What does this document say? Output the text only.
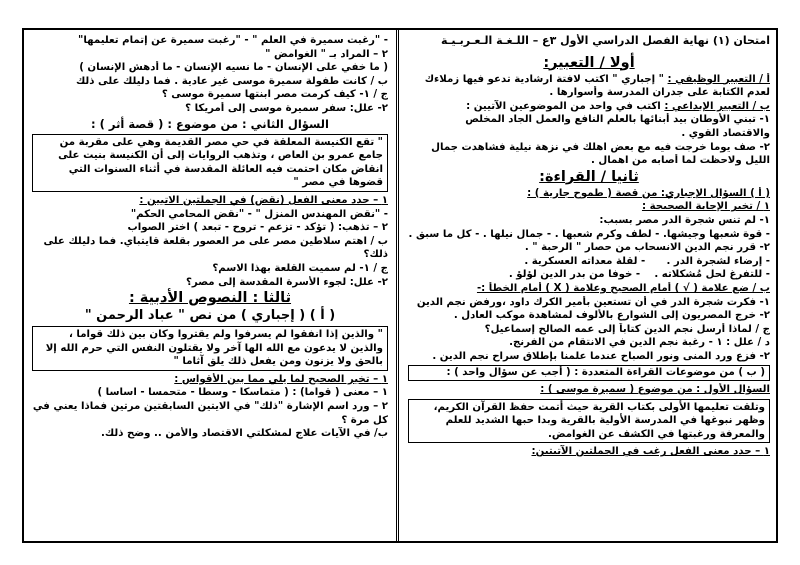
امتحان (١) نهاية الفصل الدراسي الأول ٣ع – اللـغـة الـعـربـيـة
أولا / التعبير:
أ / التعبير الوظيفي : " إجباري " اكتب لافتة ارشادية تدعو فيها زملاءك
لعدم الكتابة على جدران المدرسة وأسوارها .
ب / التعبير الإبداعي : اكتب في واحد من الموضوعين الآتيين :
١- تبني الأوطان بيد أبنائها بالعلم النافع والعمل الجاد المخلص
والاقتصاد القوي .
٢- صف يوما خرجت فيه مع بعض اهلك في نزهة نيلية فشاهدت جمال
الليل ولاحظت لما أصابه من اهمال .
ثانيا / القراءة:
( أ ) السؤال الإجباري: من قصة ( طموح جارية ) :
١ / تخير الإجابة الصحيحة :
١- لم تنس شجرة الدر مصر بسبب:
- قوة شعبها وجيشها. - لطف وكرم شعبها . - جمال نيلها . - كل ما سبق .
٢- قرر نجم الدين الانسحاب من حصار " الرحبة " .
- إرضاء لشجرة الدر .      - لقلة معداته العسكرية .
- للتفرغ لحل مُشكلاته .    - خوفا من بدر الدين لؤلؤ .
ب / ضع علامة ( √ ) أمام الصحيح وعلامة ( X ) أمام الخطأ :-
١- فكرت شجرة الدر في أن تستعين بأمير الكرك داود ،ورفض نجم الدين
٢- خرج المصريون إلى الشوارع بالألوف لمشاهدة موكب العادل .
ج / لماذا أرسل نجم الدين كتاباً إلى عمه الصالح إسماعيل؟
د / علل : ١ - رغبة نجم الدين في الانتقام من الفرنج.
٢- فزع ورد المنى ونور الصباح عندما علمنا بإطلاق سراح نجم الدين .
( ب ) من موضوعات القراءة المتعددة : ( أجب عن سؤال واحد ) :
السؤال الأول : من موضوع ( سميرة موسى ) :
وتلقت تعليمها الأولى بكتاب القرية حيث أتمت حفظ القرآن الكريم، وظهر نبوغها في المدرسة الأولية بالقرية وبدا حبها الشديد للعلم والمعرفة ورغبتها في الكشف عن الغوامض.
١ – حدد معنى الفعل رغب في الجملتين الآتيتين:
- "رغبت سميرة في العلم " - "رغبت سميرة عن إتمام تعليمها"
٢ – المراد بـ " الغوامض "
( ما خفي على الإنسان - ما نسيه الإنسان - ما أدهش الإنسان )
ب / كانت طفولة سميرة موسى غير عادية . فما دليلك على ذلك
ج / ١- كيف كرمت مصر ابنتها سميرة موسى ؟
٢- علل: سفر سميرة موسى إلى أمريكا ؟
السؤال الثاني : من موضوع : ( قصة أثر ) :
" تقع الكنيسة المعلقة في حي مصر القديمة وهي على مقربة من جامع عمرو بن العاص ، وتذهب الروايات إلى أن الكنيسة بنيت على انقاض مكان احتمت فيه العائلة المقدسة في أثناء السنوات التي قضوها في مصر "
١ – حدد معنى الفعل (نقض) في الجملتين الاتيين :
- "نقض المهندس المنزل " - "نقض المحامي الحكم"
٢ – تذهب: ( تؤكد - تزعم - تروح - تبعد ) اختر الصواب
ب / اهتم سلاطين مصر على مر العصور بقلعة قايتباي. فما دليلك على
ذلك؟
ج / ١- لم سميت القلعة بهذا الاسم؟
٢- علل: لجوء الأسرة المقدسة إلى مصر؟
ثالثا : النصوص الأدبية :
( أ ) ( إجباري ) من نص " عباد الرحمن "
" والذين إذا انفقوا لم يسرفوا ولم يقتروا وكان بين ذلك قواما ، والذين لا يدعون مع الله الها آخر ولا يقتلون النفس التي حرم الله إلا بالحق ولا يزنون ومن يفعل ذلك يلق آثاما "
١ – تخير الصحيح لما يلي مما بين الأقواس :
١ – معنى ( قواما) : ( متماسكا - وسطا - متحمسا - اساسا )
٢ – ورد اسم الإشارة "ذلك" في الايتين السابقتين مرتين فماذا يعني في
كل مرة ؟
ب/ في الآيات علاج لمشكلتي الاقتصاد والأمن .. وضح ذلك.
